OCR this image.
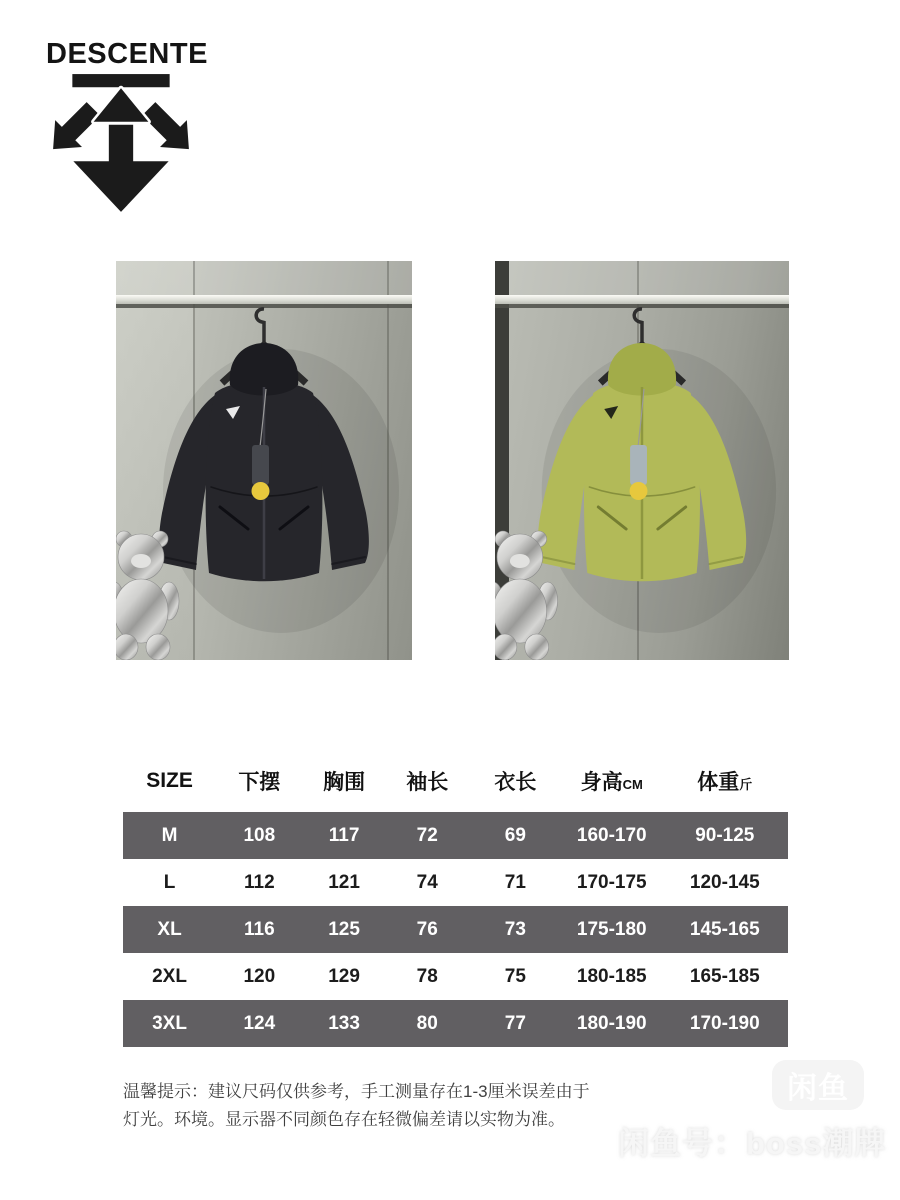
DESCENTE
SIZE	下摆	胸围	袖长	衣长	身高CM	体重斤
M	108	117	72	69	160-170	90-125
L	112	121	74	71	170-175	120-145
XL	116	125	76	73	175-180	145-165
2XL	120	129	78	75	180-185	165-185
3XL	124	133	80	77	180-190	170-190
温馨提示：建议尺码仅供参考，手工测量存在1-3厘米误差由于
灯光。环境。显示器不同颜色存在轻微偏差请以实物为准。
闲鱼
闲鱼号：boss潮牌
